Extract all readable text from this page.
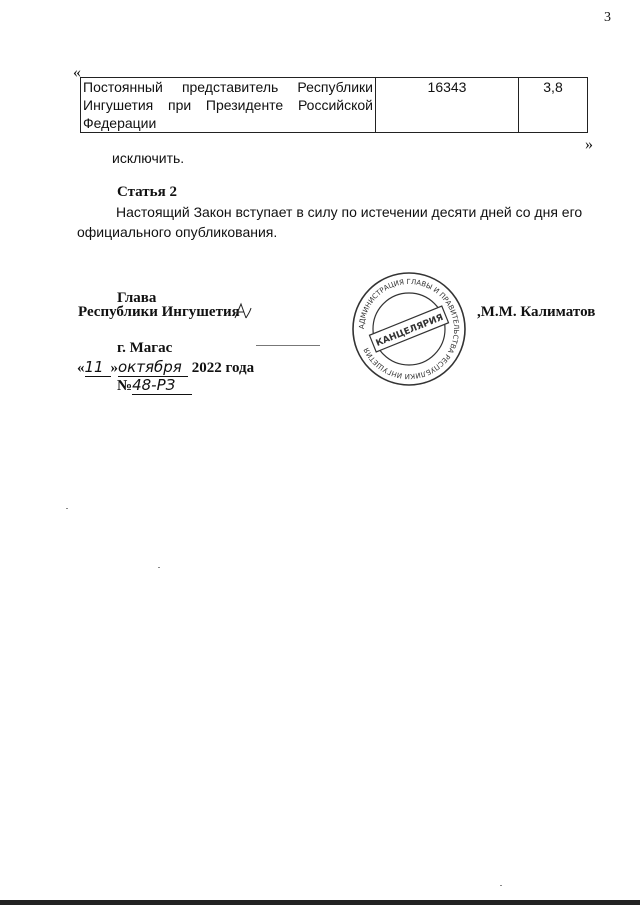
3
«
Постоянный представитель Республики Ингушетия при Президенте Российской Федерации	16343	3,8
»
исключить.
Статья 2
Настоящий Закон вступает в силу по истечении десяти дней со дня его официального опубликования.
Глава
Республики Ингушетия
АДМИНИСТРАЦИЯ ГЛАВЫ И ПРАВИТЕЛЬСТВА РЕСПУБЛИКИ ИНГУШЕТИЯ
КАНЦЕЛЯРИЯ
,М.М. Калиматов
г. Магас
«11 »октября 2022 года
№48-РЗ
